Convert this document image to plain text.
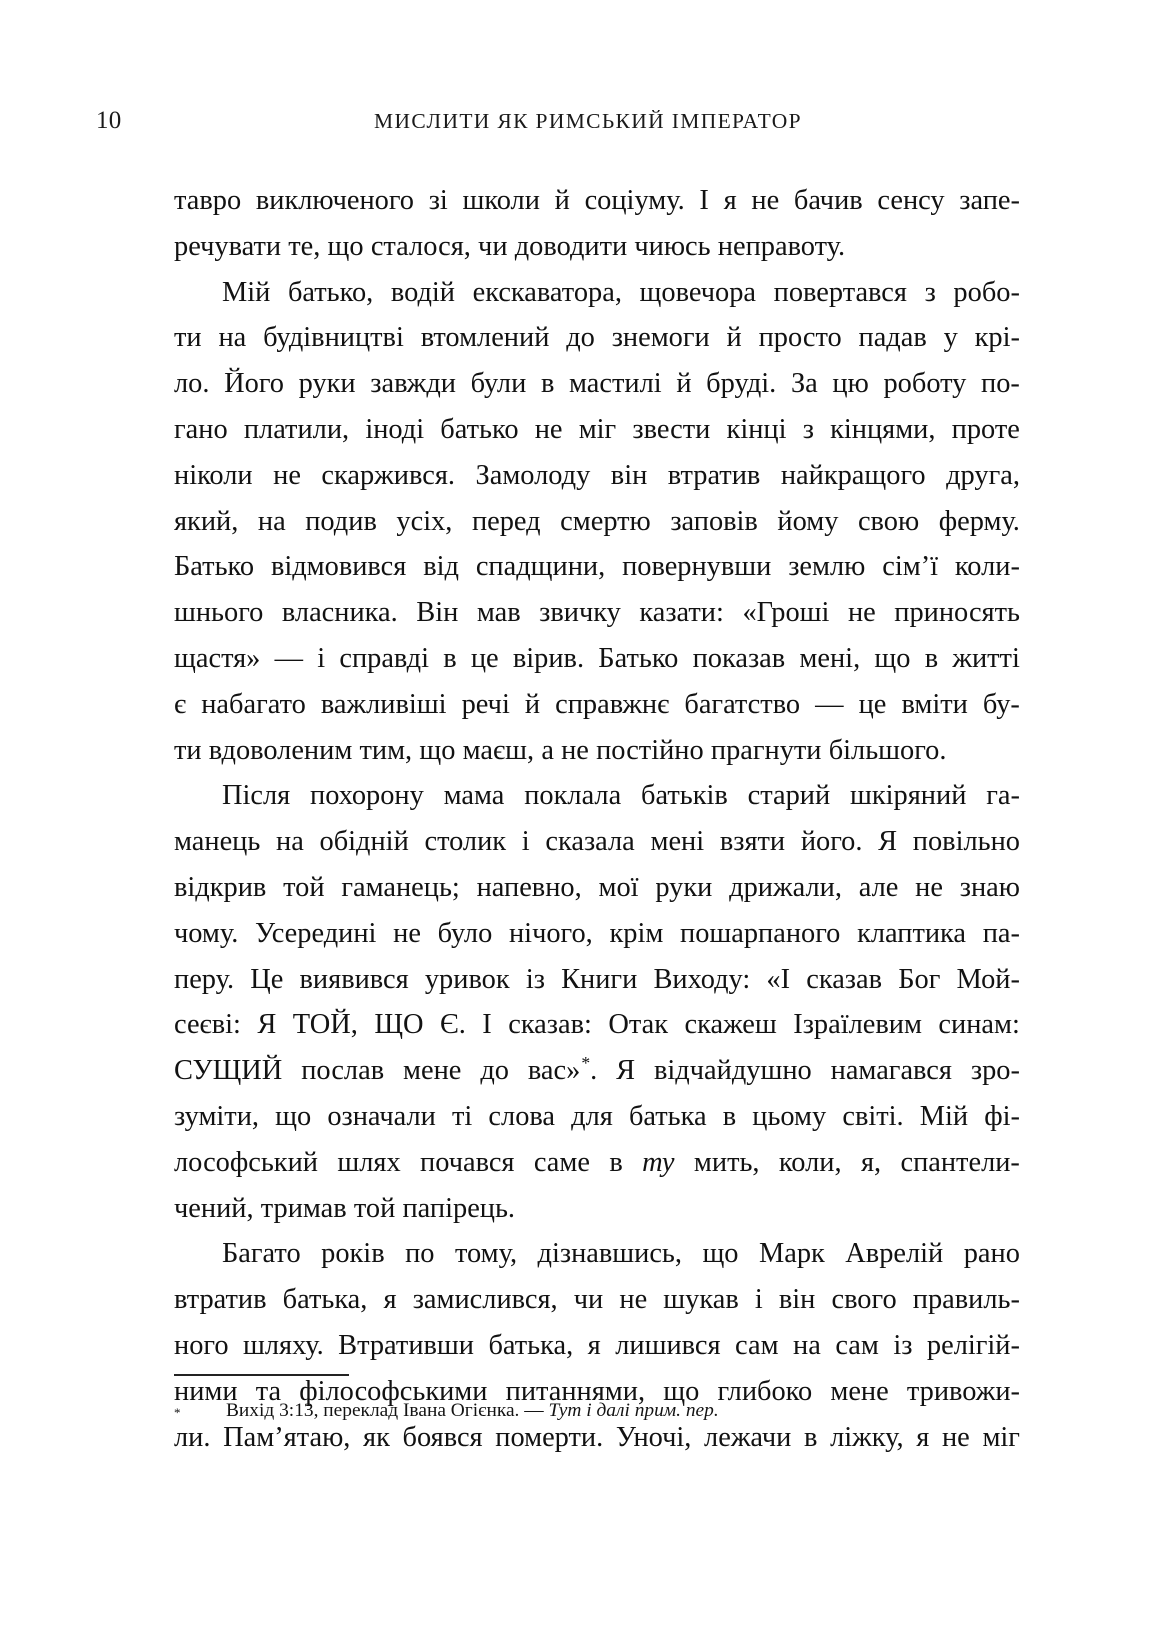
10	МИСЛИТИ ЯК РИМСЬКИЙ ІМПЕРАТОР

тавро виключеного зі школи й соціуму. І я не бачив сенсу запе-
речувати те, що сталося, чи доводити чиюсь неправоту.

Мій батько, водій екскаватора, щовечора повертався з робо-
ти на будівництві втомлений до знемоги й просто падав у крі-
ло. Його руки завжди були в мастилі й бруді. За цю роботу по-
гано платили, іноді батько не міг звести кінці з кінцями, проте
ніколи не скаржився. Замолоду він втратив найкращого друга,
який, на подив усіх, перед смертю заповів йому свою ферму.
Батько відмовився від спадщини, повернувши землю сім’ї коли-
шнього власника. Він мав звичку казати: «Гроші не приносять
щастя» — і справді в це вірив. Батько показав мені, що в житті
є набагато важливіші речі й справжнє багатство — це вміти бу-
ти вдоволеним тим, що маєш, а не постійно прагнути більшого.

Після похорону мама поклала батьків старий шкіряний га-
манець на обідній столик і сказала мені взяти його. Я повільно
відкрив той гаманець; напевно, мої руки дрижали, але не знаю
чому. Усередині не було нічого, крім пошарпаного клаптика па-
перу. Це виявився уривок із Книги Виходу: «І сказав Бог Мой-
сеєві: Я ТОЙ, ЩО Є. І сказав: Отак скажеш Ізраїлевим синам:
СУЩИЙ послав мене до вас»*. Я відчайдушно намагався зро-
зуміти, що означали ті слова для батька в цьому світі. Мій фі-
лософський шлях почався саме в ту мить, коли, я, спантели-
чений, тримав той папірець.

Багато років по тому, дізнавшись, що Марк Аврелій рано
втратив батька, я замислився, чи не шукав і він свого правиль-
ного шляху. Втративши батька, я лишився сам на сам із релігій-
ними та філософськими питаннями, що глибоко мене тривожи-
ли. Пам’ятаю, як боявся померти. Уночі, лежачи в ліжку, я не міг

*	Вихід 3:13, переклад Івана Огієнка. — Тут і далі прим. пер.
